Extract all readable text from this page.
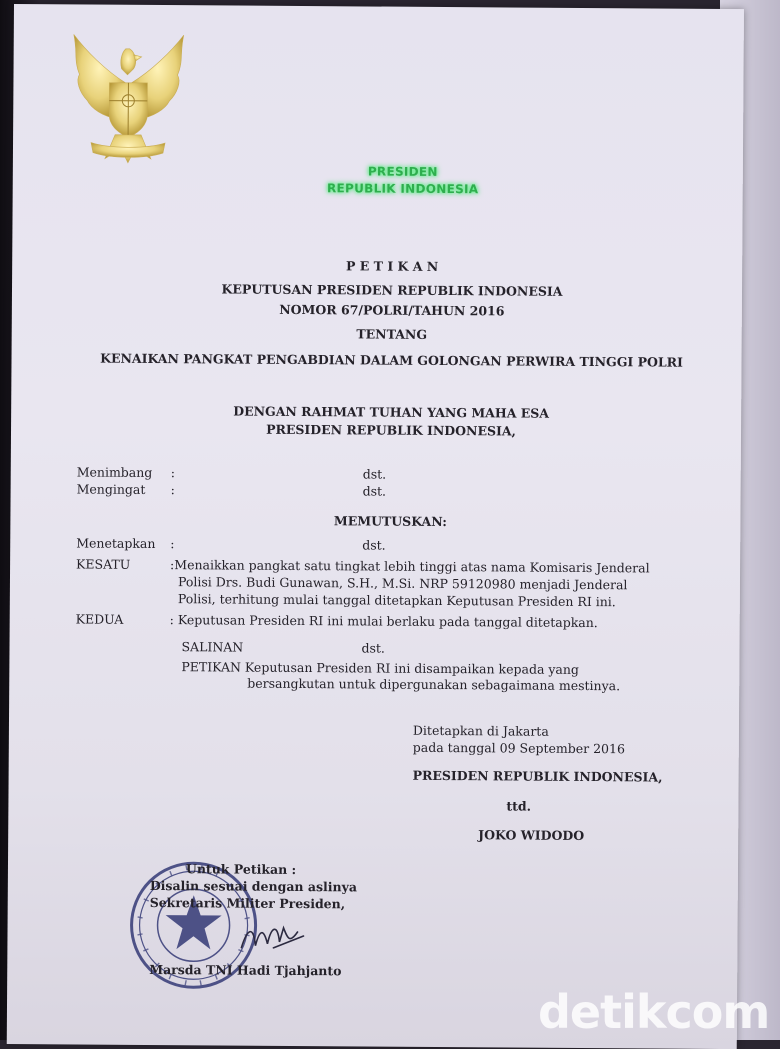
PRESIDEN
REPUBLIK INDONESIA
P E T I K A N
KEPUTUSAN PRESIDEN REPUBLIK INDONESIA
NOMOR 67/POLRI/TAHUN 2016
TENTANG
KENAIKAN PANGKAT PENGABDIAN DALAM GOLONGAN PERWIRA TINGGI POLRI
DENGAN RAHMAT TUHAN YANG MAHA ESA
PRESIDEN REPUBLIK INDONESIA,
Menimbang :	dst.
Mengingat :	dst.
MEMUTUSKAN:
Menetapkan :	dst.
KESATU	:Menaikkan pangkat satu tingkat lebih tinggi atas nama Komisaris Jenderal
Polisi Drs. Budi Gunawan, S.H., M.Si. NRP 59120980 menjadi Jenderal
Polisi, terhitung mulai tanggal ditetapkan Keputusan Presiden RI ini.
KEDUA	: Keputusan Presiden RI ini mulai berlaku pada tanggal ditetapkan.
SALINAN	dst.
PETIKAN Keputusan Presiden RI ini disampaikan kepada yang
bersangkutan untuk dipergunakan sebagaimana mestinya.
Ditetapkan di Jakarta
pada tanggal 09 September 2016
PRESIDEN REPUBLIK INDONESIA,
ttd.
JOKO WIDODO
Untuk Petikan :
Disalin sesuai dengan aslinya
Sekretaris Militer Presiden,
Marsda TNI Hadi Tjahjanto
detikcom
